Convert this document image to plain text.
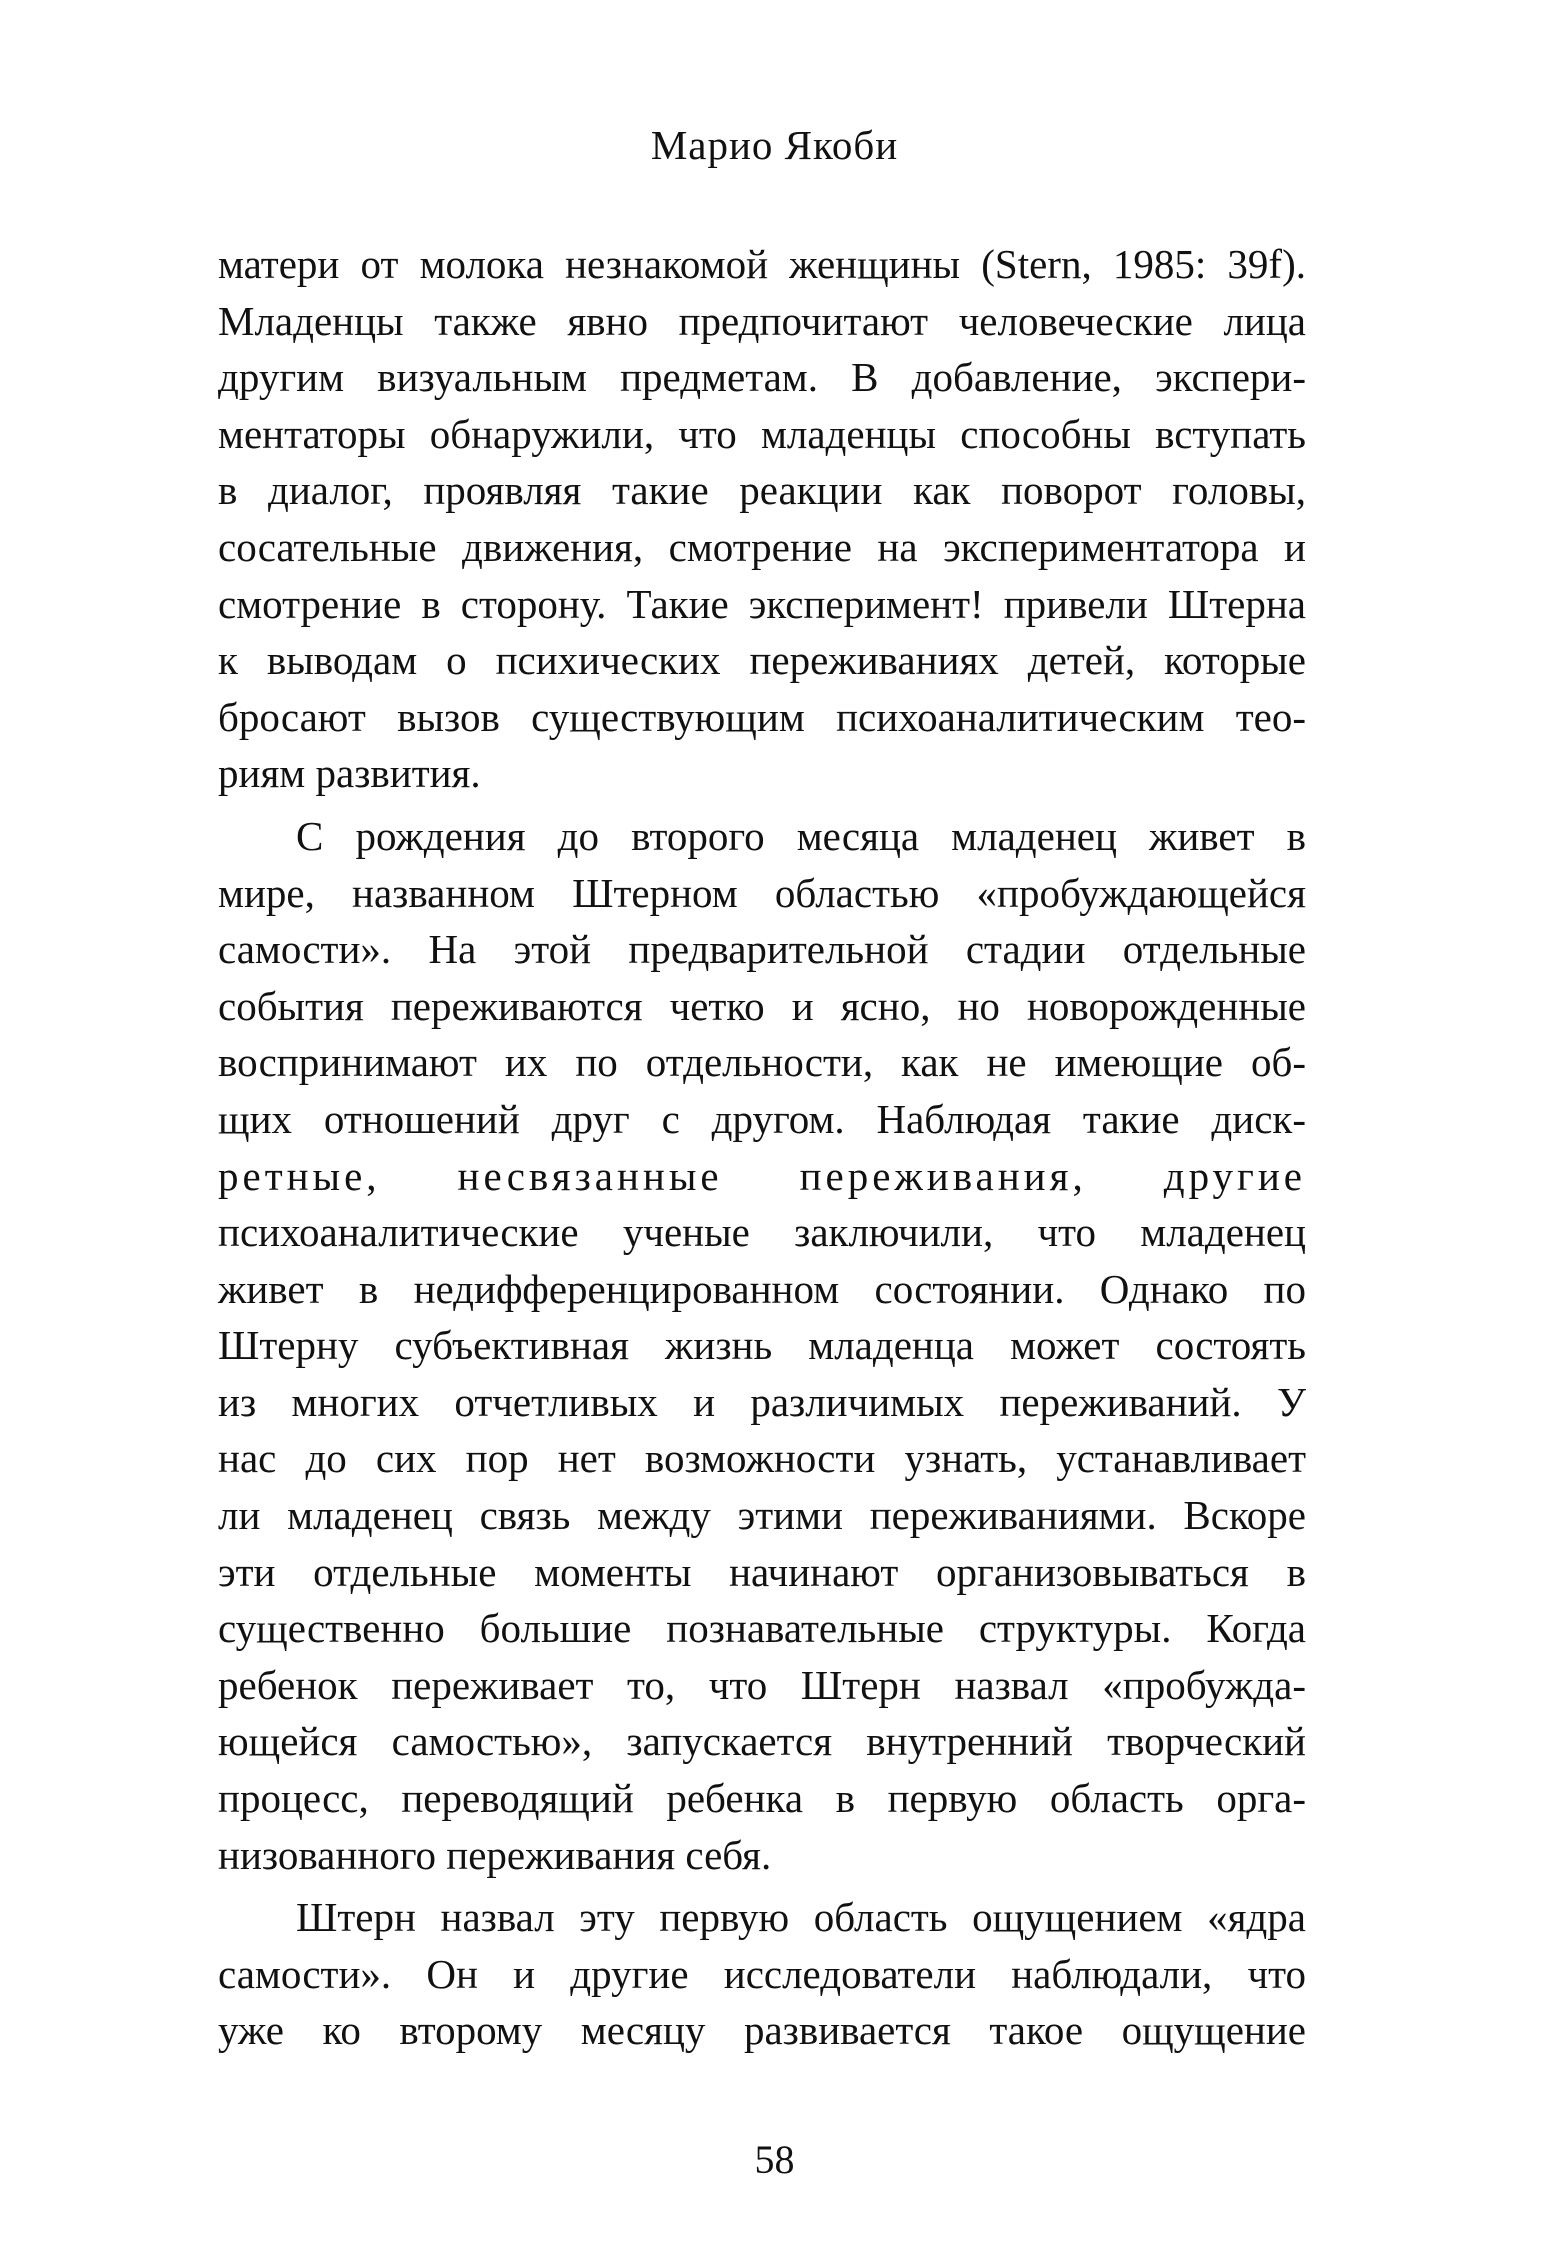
Марио Якоби

матери от молока незнакомой женщины (Stern, 1985: 39f).
Младенцы также явно предпочитают человеческие лица
другим визуальным предметам. В добавление, экспери-
ментаторы обнаружили, что младенцы способны вступать
в диалог, проявляя такие реакции как поворот головы,
сосательные движения, смотрение на экспериментатора и
смотрение в сторону. Такие эксперимент! привели Штерна
к выводам о психических переживаниях детей, которые
бросают вызов существующим психоаналитическим тео-
риям развития.

С рождения до второго месяца младенец живет в
мире, названном Штерном областью «пробуждающейся
самости». На этой предварительной стадии отдельные
события переживаются четко и ясно, но новорожденные
воспринимают их по отдельности, как не имеющие об-
щих отношений друг с другом. Наблюдая такие диск-
ретные, несвязанные переживания, другие
психоаналитические ученые заключили, что младенец
живет в недифференцированном состоянии. Однако по
Штерну субъективная жизнь младенца может состоять
из многих отчетливых и различимых переживаний. У
нас до сих пор нет возможности узнать, устанавливает
ли младенец связь между этими переживаниями. Вскоре
эти отдельные моменты начинают организовываться в
существенно большие познавательные структуры. Когда
ребенок переживает то, что Штерн назвал «пробужда-
ющейся самостью», запускается внутренний творческий
процесс, переводящий ребенка в первую область орга-
низованного переживания себя.

Штерн назвал эту первую область ощущением «ядра
самости». Он и другие исследователи наблюдали, что
уже ко второму месяцу развивается такое ощущение

58
